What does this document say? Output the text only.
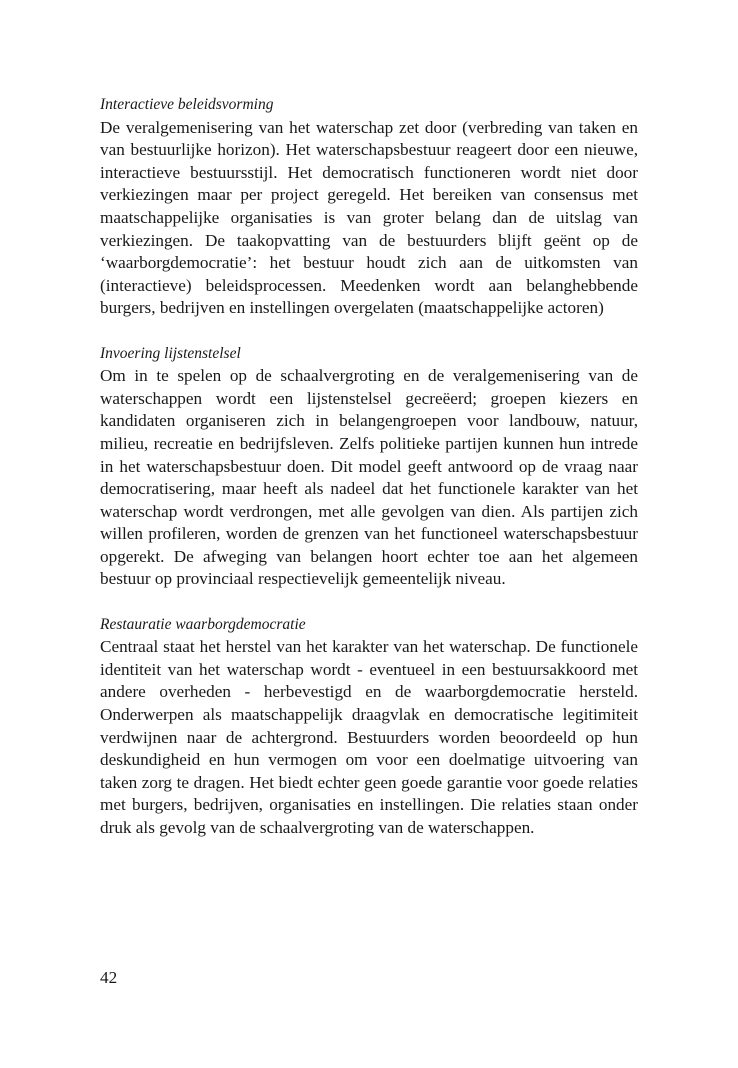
Interactieve beleidsvorming

De veralgemenisering van het waterschap zet door (verbreding van taken en van bestuurlijke horizon). Het waterschapsbestuur reageert door een nieuwe, interactieve bestuursstijl. Het democratisch functioneren wordt niet door verkiezingen maar per project geregeld. Het bereiken van consensus met maatschappelijke organisaties is van groter belang dan de uitslag van verkiezingen. De taakopvatting van de bestuurders blijft geënt op de ‘waarborgdemocratie’: het bestuur houdt zich aan de uitkomsten van (interactieve) beleidsprocessen. Meedenken wordt aan belanghebbende burgers, bedrijven en instellingen overgelaten (maatschappelijke actoren)

Invoering lijstenstelsel

Om in te spelen op de schaalvergroting en de veralgemenisering van de waterschappen wordt een lijstenstelsel gecreëerd; groepen kiezers en kandidaten organiseren zich in belangengroepen voor landbouw, natuur, milieu, recreatie en bedrijfsleven. Zelfs politieke partijen kunnen hun intrede in het waterschapsbestuur doen. Dit model geeft antwoord op de vraag naar democratisering, maar heeft als nadeel dat het functionele karakter van het waterschap wordt verdrongen, met alle gevolgen van dien. Als partijen zich willen profileren, worden de grenzen van het functioneel waterschapsbestuur opgerekt. De afweging van belangen hoort echter toe aan het algemeen bestuur op provinciaal respectievelijk gemeentelijk niveau.

Restauratie waarborgdemocratie

Centraal staat het herstel van het karakter van het waterschap. De functionele identiteit van het waterschap wordt - eventueel in een bestuursakkoord met andere overheden - herbevestigd en de waarborgdemocratie hersteld. Onderwerpen als maatschappelijk draagvlak en democratische legitimiteit verdwijnen naar de achtergrond. Bestuurders worden beoordeeld op hun deskundigheid en hun vermogen om voor een doelmatige uitvoering van taken zorg te dragen. Het biedt echter geen goede garantie voor goede relaties met burgers, bedrijven, organisaties en instellingen. Die relaties staan onder druk als gevolg van de schaalvergroting van de waterschappen.

42
